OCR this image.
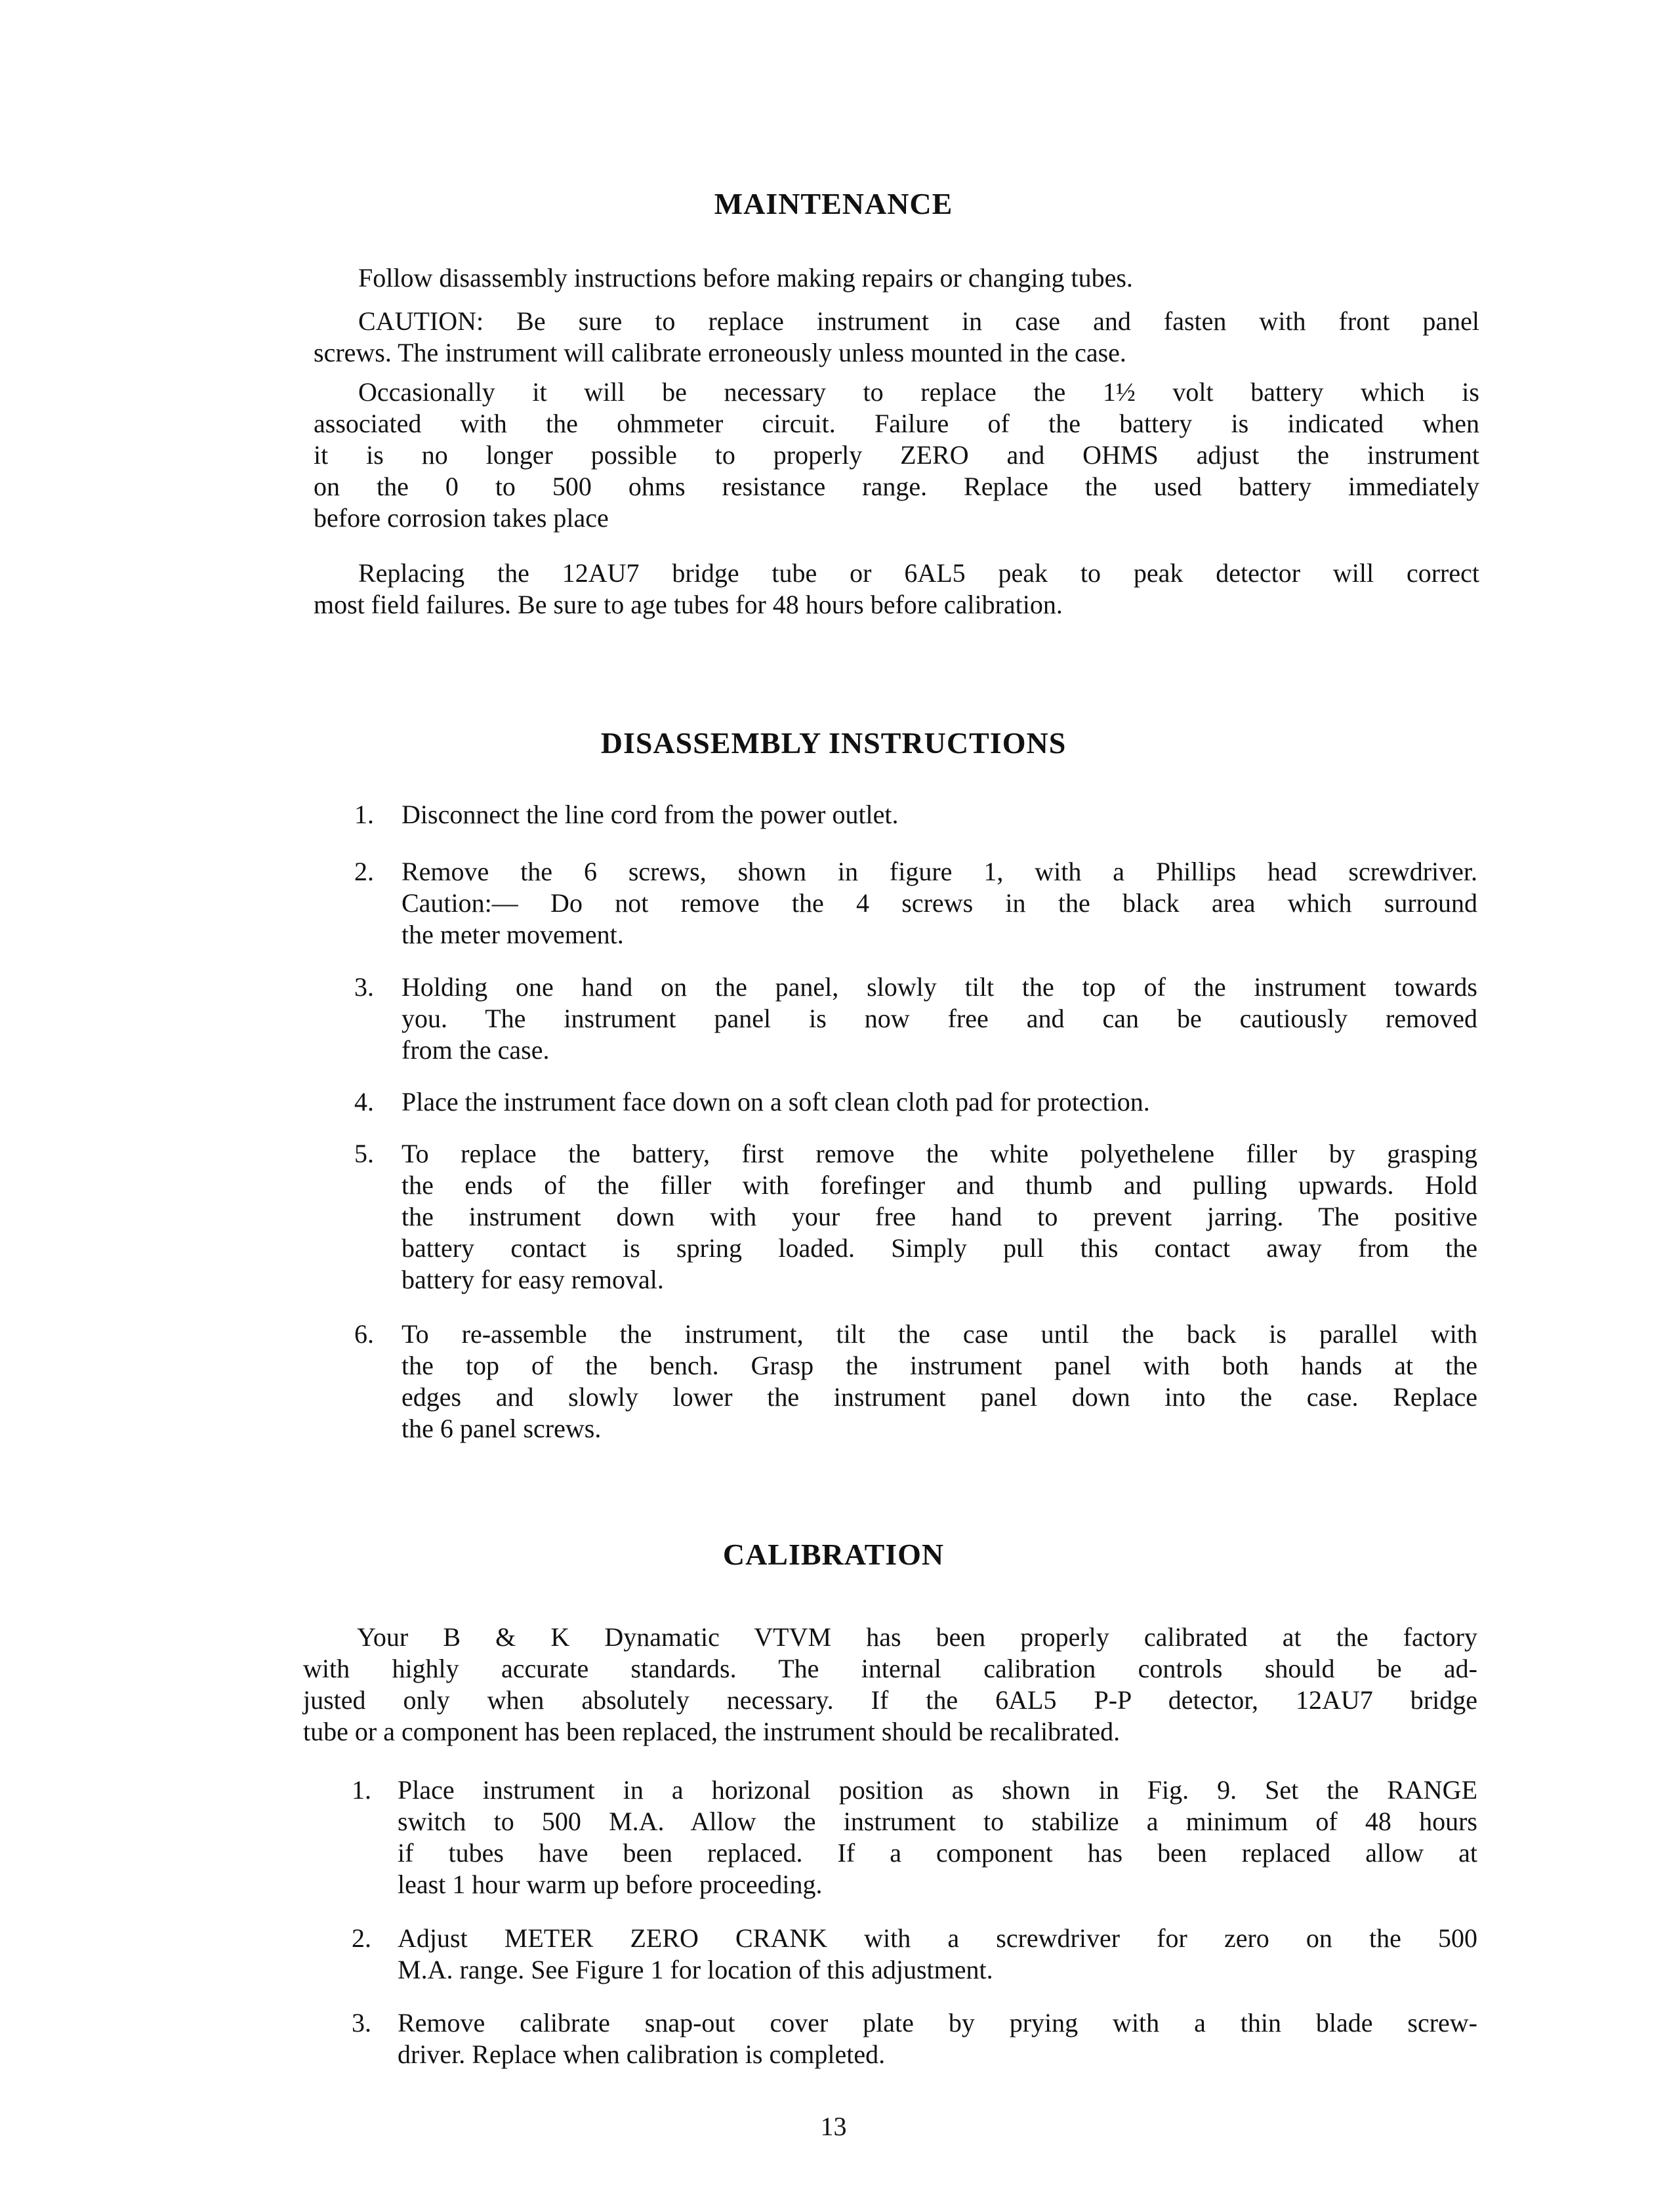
MAINTENANCE
DISASSEMBLY INSTRUCTIONS
CALIBRATION
Follow disassembly instructions before making repairs or changing tubes.
CAUTION: Be sure to replace instrument in case and fasten with front panel
screws. The instrument will calibrate erroneously unless mounted in the case.
Occasionally it will be necessary to replace the 1½ volt battery which is
associated with the ohmmeter circuit. Failure of the battery is indicated when
it is no longer possible to properly ZERO and OHMS adjust the instrument
on the 0 to 500 ohms resistance range. Replace the used battery immediately
before corrosion takes place
Replacing the 12AU7 bridge tube or 6AL5 peak to peak detector will correct
most field failures. Be sure to age tubes for 48 hours before calibration.
1. Disconnect the line cord from the power outlet.
2. Remove the 6 screws, shown in figure 1, with a Phillips head screwdriver.
Caution:— Do not remove the 4 screws in the black area which surround
the meter movement.
3. Holding one hand on the panel, slowly tilt the top of the instrument towards
you. The instrument panel is now free and can be cautiously removed
from the case.
4. Place the instrument face down on a soft clean cloth pad for protection.
5. To replace the battery, first remove the white polyethelene filler by grasping
the ends of the filler with forefinger and thumb and pulling upwards. Hold
the instrument down with your free hand to prevent jarring. The positive
battery contact is spring loaded. Simply pull this contact away from the
battery for easy removal.
6. To re-assemble the instrument, tilt the case until the back is parallel with
the top of the bench. Grasp the instrument panel with both hands at the
edges and slowly lower the instrument panel down into the case. Replace
the 6 panel screws.
Your B & K Dynamatic VTVM has been properly calibrated at the factory
with highly accurate standards. The internal calibration controls should be ad-
justed only when absolutely necessary. If the 6AL5 P-P detector, 12AU7 bridge
tube or a component has been replaced, the instrument should be recalibrated.
1. Place instrument in a horizonal position as shown in Fig. 9. Set the RANGE
switch to 500 M.A. Allow the instrument to stabilize a minimum of 48 hours
if tubes have been replaced. If a component has been replaced allow at
least 1 hour warm up before proceeding.
2. Adjust METER ZERO CRANK with a screwdriver for zero on the 500
M.A. range. See Figure 1 for location of this adjustment.
3. Remove calibrate snap-out cover plate by prying with a thin blade screw-
driver. Replace when calibration is completed.
13
